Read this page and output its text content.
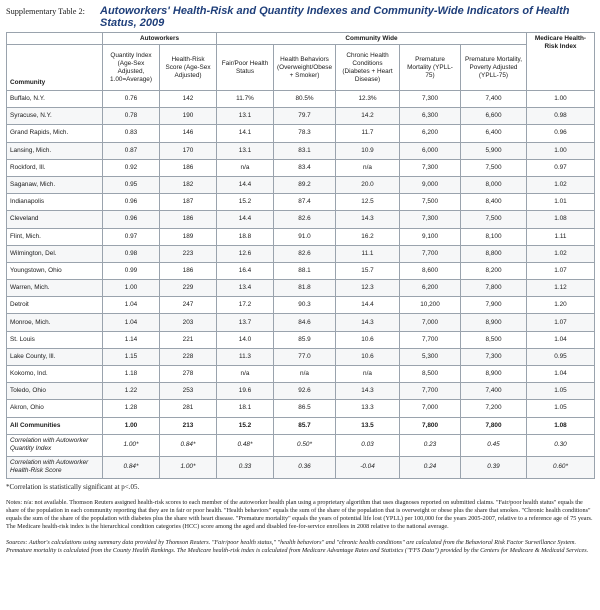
Supplementary Table 2:	Autoworkers' Health-Risk and Quantity Indexes and Community-Wide Indicators of Health Status, 2009
	Autoworkers		Community Wide					Medicare Health-Risk Index
Community	Quantity Index (Age-Sex Adjusted, 1.00=Average)	Health-Risk Score (Age-Sex Adjusted)	Fair/Poor Health Status	Health Behaviors (Overweight/Obese + Smoker)	Chronic Health Conditions (Diabetes + Heart Disease)	Premature Mortality (YPLL-75)	Premature Mortality, Poverty Adjusted (YPLL-75)	
Buffalo, N.Y.	0.76	142	11.7%	80.5%	12.3%	7,300	7,400	1.00
Syracuse, N.Y.	0.78	190	13.1	79.7	14.2	6,300	6,600	0.98
Grand Rapids, Mich.	0.83	146	14.1	78.3	11.7	6,200	6,400	0.96
Lansing, Mich.	0.87	170	13.1	83.1	10.9	6,000	5,900	1.00
Rockford, Ill.	0.92	186	n/a	83.4	n/a	7,300	7,500	0.97
Saganaw, Mich.	0.95	182	14.4	89.2	20.0	9,000	8,000	1.02
Indianapolis	0.96	187	15.2	87.4	12.5	7,500	8,400	1.01
Cleveland	0.96	186	14.4	82.6	14.3	7,300	7,500	1.08
Flint, Mich.	0.97	189	18.8	91.0	16.2	9,100	8,100	1.11
Wilmington, Del.	0.98	223	12.6	82.6	11.1	7,700	8,800	1.02
Youngstown, Ohio	0.99	186	16.4	88.1	15.7	8,600	8,200	1.07
Warren, Mich.	1.00	229	13.4	81.8	12.3	6,200	7,800	1.12
Detroit	1.04	247	17.2	90.3	14.4	10,200	7,900	1.20
Monroe, Mich.	1.04	203	13.7	84.6	14.3	7,000	8,900	1.07
St. Louis	1.14	221	14.0	85.9	10.6	7,700	8,500	1.04
Lake County, Ill.	1.15	228	11.3	77.0	10.6	5,300	7,300	0.95
Kokomo, Ind.	1.18	278	n/a	n/a	n/a	8,500	8,900	1.04
Toledo, Ohio	1.22	253	19.6	92.6	14.3	7,700	7,400	1.05
Akron, Ohio	1.28	281	18.1	86.5	13.3	7,000	7,200	1.05
All Communities	1.00	213	15.2	85.7	13.5	7,800	7,800	1.08
Correlation with Autoworker Quantity Index	1.00*	0.84*	0.48*	0.50*	0.03	0.23	0.45	0.30
Correlation with Autoworker Health-Risk Score	0.84*	1.00*	0.33	0.36	-0.04	0.24	0.39	0.60*
*Correlation is statistically significant at p<.05.
Notes: n/a: not available. Thomson Reuters assigned health-risk scores to each member of the autoworker health plan using a proprietary algorithm that uses diagnoses reported on submitted claims. "Fair/poor health status" equals the share of the population in each community reporting that they are in fair or poor health. "Health behaviors" equals the sum of the share of the population that is overweight or obese plus the share that smokes. "Chronic health conditions" equals the sum of the share of the population with diabetes plus the share with heart disease. "Premature mortality" equals the years of potential life lost (YPLL) per 100,000 for the years 2005-2007, relative to a reference age of 75 years. The Medicare health-risk index is the hierarchical condition categories (HCC) score among the aged and disabled fee-for-service enrollees in 2008 relative to the national average.
Sources: Author's calculations using summary data provided by Thomson Reuters. "Fair/poor health status," "health behaviors" and "chronic health conditions" are calculated from the Behavioral Risk Factor Surveillance System. Premature mortality is calculated from the County Health Rankings. The Medicare health-risk index is calculated from Medicare Advantage Rates and Statistics ("FFS Data") provided by the Centers for Medicare & Medicaid Services.
